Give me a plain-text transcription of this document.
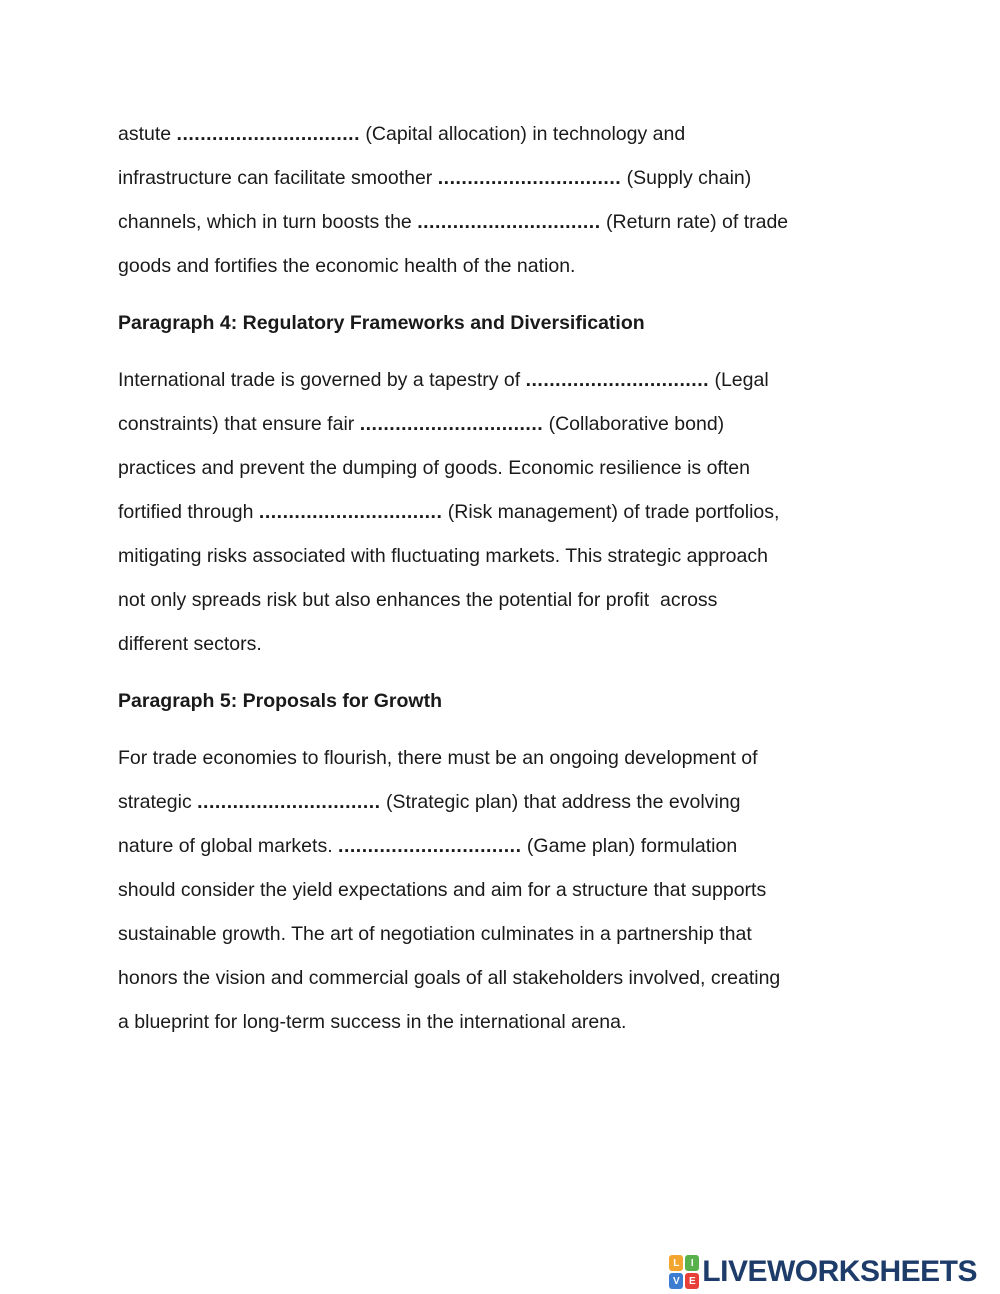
astute ............................... (Capital allocation) in technology and
infrastructure can facilitate smoother ............................... (Supply chain)
channels, which in turn boosts the ............................... (Return rate) of trade
goods and fortifies the economic health of the nation.
Paragraph 4: Regulatory Frameworks and Diversification
International trade is governed by a tapestry of ............................... (Legal
constraints) that ensure fair ............................... (Collaborative bond)
practices and prevent the dumping of goods. Economic resilience is often
fortified through ............................... (Risk management) of trade portfolios,
mitigating risks associated with fluctuating markets. This strategic approach
not only spreads risk but also enhances the potential for profit  across
different sectors.
Paragraph 5: Proposals for Growth
For trade economies to flourish, there must be an ongoing development of
strategic ............................... (Strategic plan) that address the evolving
nature of global markets. ............................... (Game plan) formulation
should consider the yield expectations and aim for a structure that supports
sustainable growth. The art of negotiation culminates in a partnership that
honors the vision and commercial goals of all stakeholders involved, creating
a blueprint for long-term success in the international arena.
L	I
V E LIVEWORKSHEETS
